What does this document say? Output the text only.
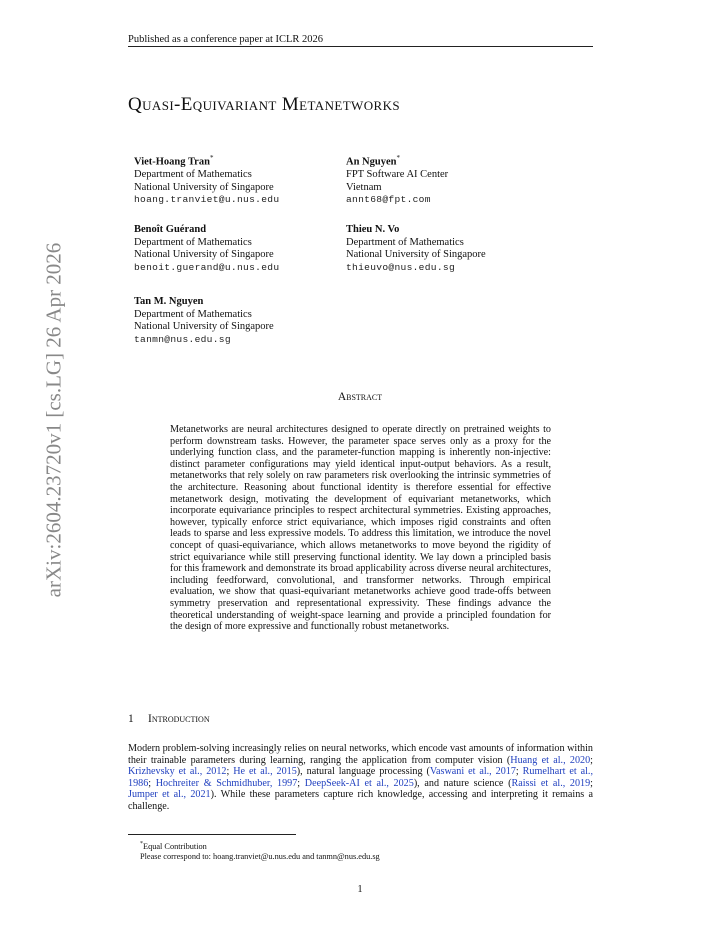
Published as a conference paper at ICLR 2026
arXiv:2604.23720v1 [cs.LG] 26 Apr 2026
Quasi-Equivariant Metanetworks
Viet-Hoang Tran*
Department of Mathematics
National University of Singapore
hoang.tranviet@u.nus.edu
An Nguyen*
FPT Software AI Center
Vietnam
annt68@fpt.com
Benoît Guérand
Department of Mathematics
National University of Singapore
benoit.guerand@u.nus.edu
Thieu N. Vo
Department of Mathematics
National University of Singapore
thieuvo@nus.edu.sg
Tan M. Nguyen
Department of Mathematics
National University of Singapore
tanmn@nus.edu.sg
Abstract
Metanetworks are neural architectures designed to operate directly on pretrained weights to perform downstream tasks. However, the parameter space serves only as a proxy for the underlying function class, and the parameter-function mapping is inherently non-injective: distinct parameter configurations may yield identical input-output behaviors. As a result, metanetworks that rely solely on raw parameters risk overlooking the intrinsic symmetries of the architecture. Reasoning about functional identity is therefore essential for effective metanetwork design, motivating the development of equivariant metanetworks, which incorporate equivariance principles to respect architectural symmetries. Existing approaches, however, typically enforce strict equivariance, which imposes rigid constraints and often leads to sparse and less expressive models. To address this limitation, we introduce the novel concept of quasi-equivariance, which allows metanetworks to move beyond the rigidity of strict equivariance while still preserving functional identity. We lay down a principled basis for this framework and demonstrate its broad applicability across diverse neural architectures, including feedforward, convolutional, and transformer networks. Through empirical evaluation, we show that quasi-equivariant metanetworks achieve good trade-offs between symmetry preservation and representational expressivity. These findings advance the theoretical understanding of weight-space learning and provide a principled foundation for the design of more expressive and functionally robust metanetworks.
1 Introduction
Modern problem-solving increasingly relies on neural networks, which encode vast amounts of information within their trainable parameters during learning, ranging the application from computer vision (Huang et al., 2020; Krizhevsky et al., 2012; He et al., 2015), natural language processing (Vaswani et al., 2017; Rumelhart et al., 1986; Hochreiter & Schmidhuber, 1997; DeepSeek-AI et al., 2025), and nature science (Raissi et al., 2019; Jumper et al., 2021). While these parameters capture rich knowledge, accessing and interpreting it remains a challenge.
*Equal Contribution
Please correspond to: hoang.tranviet@u.nus.edu and tanmn@nus.edu.sg
1
